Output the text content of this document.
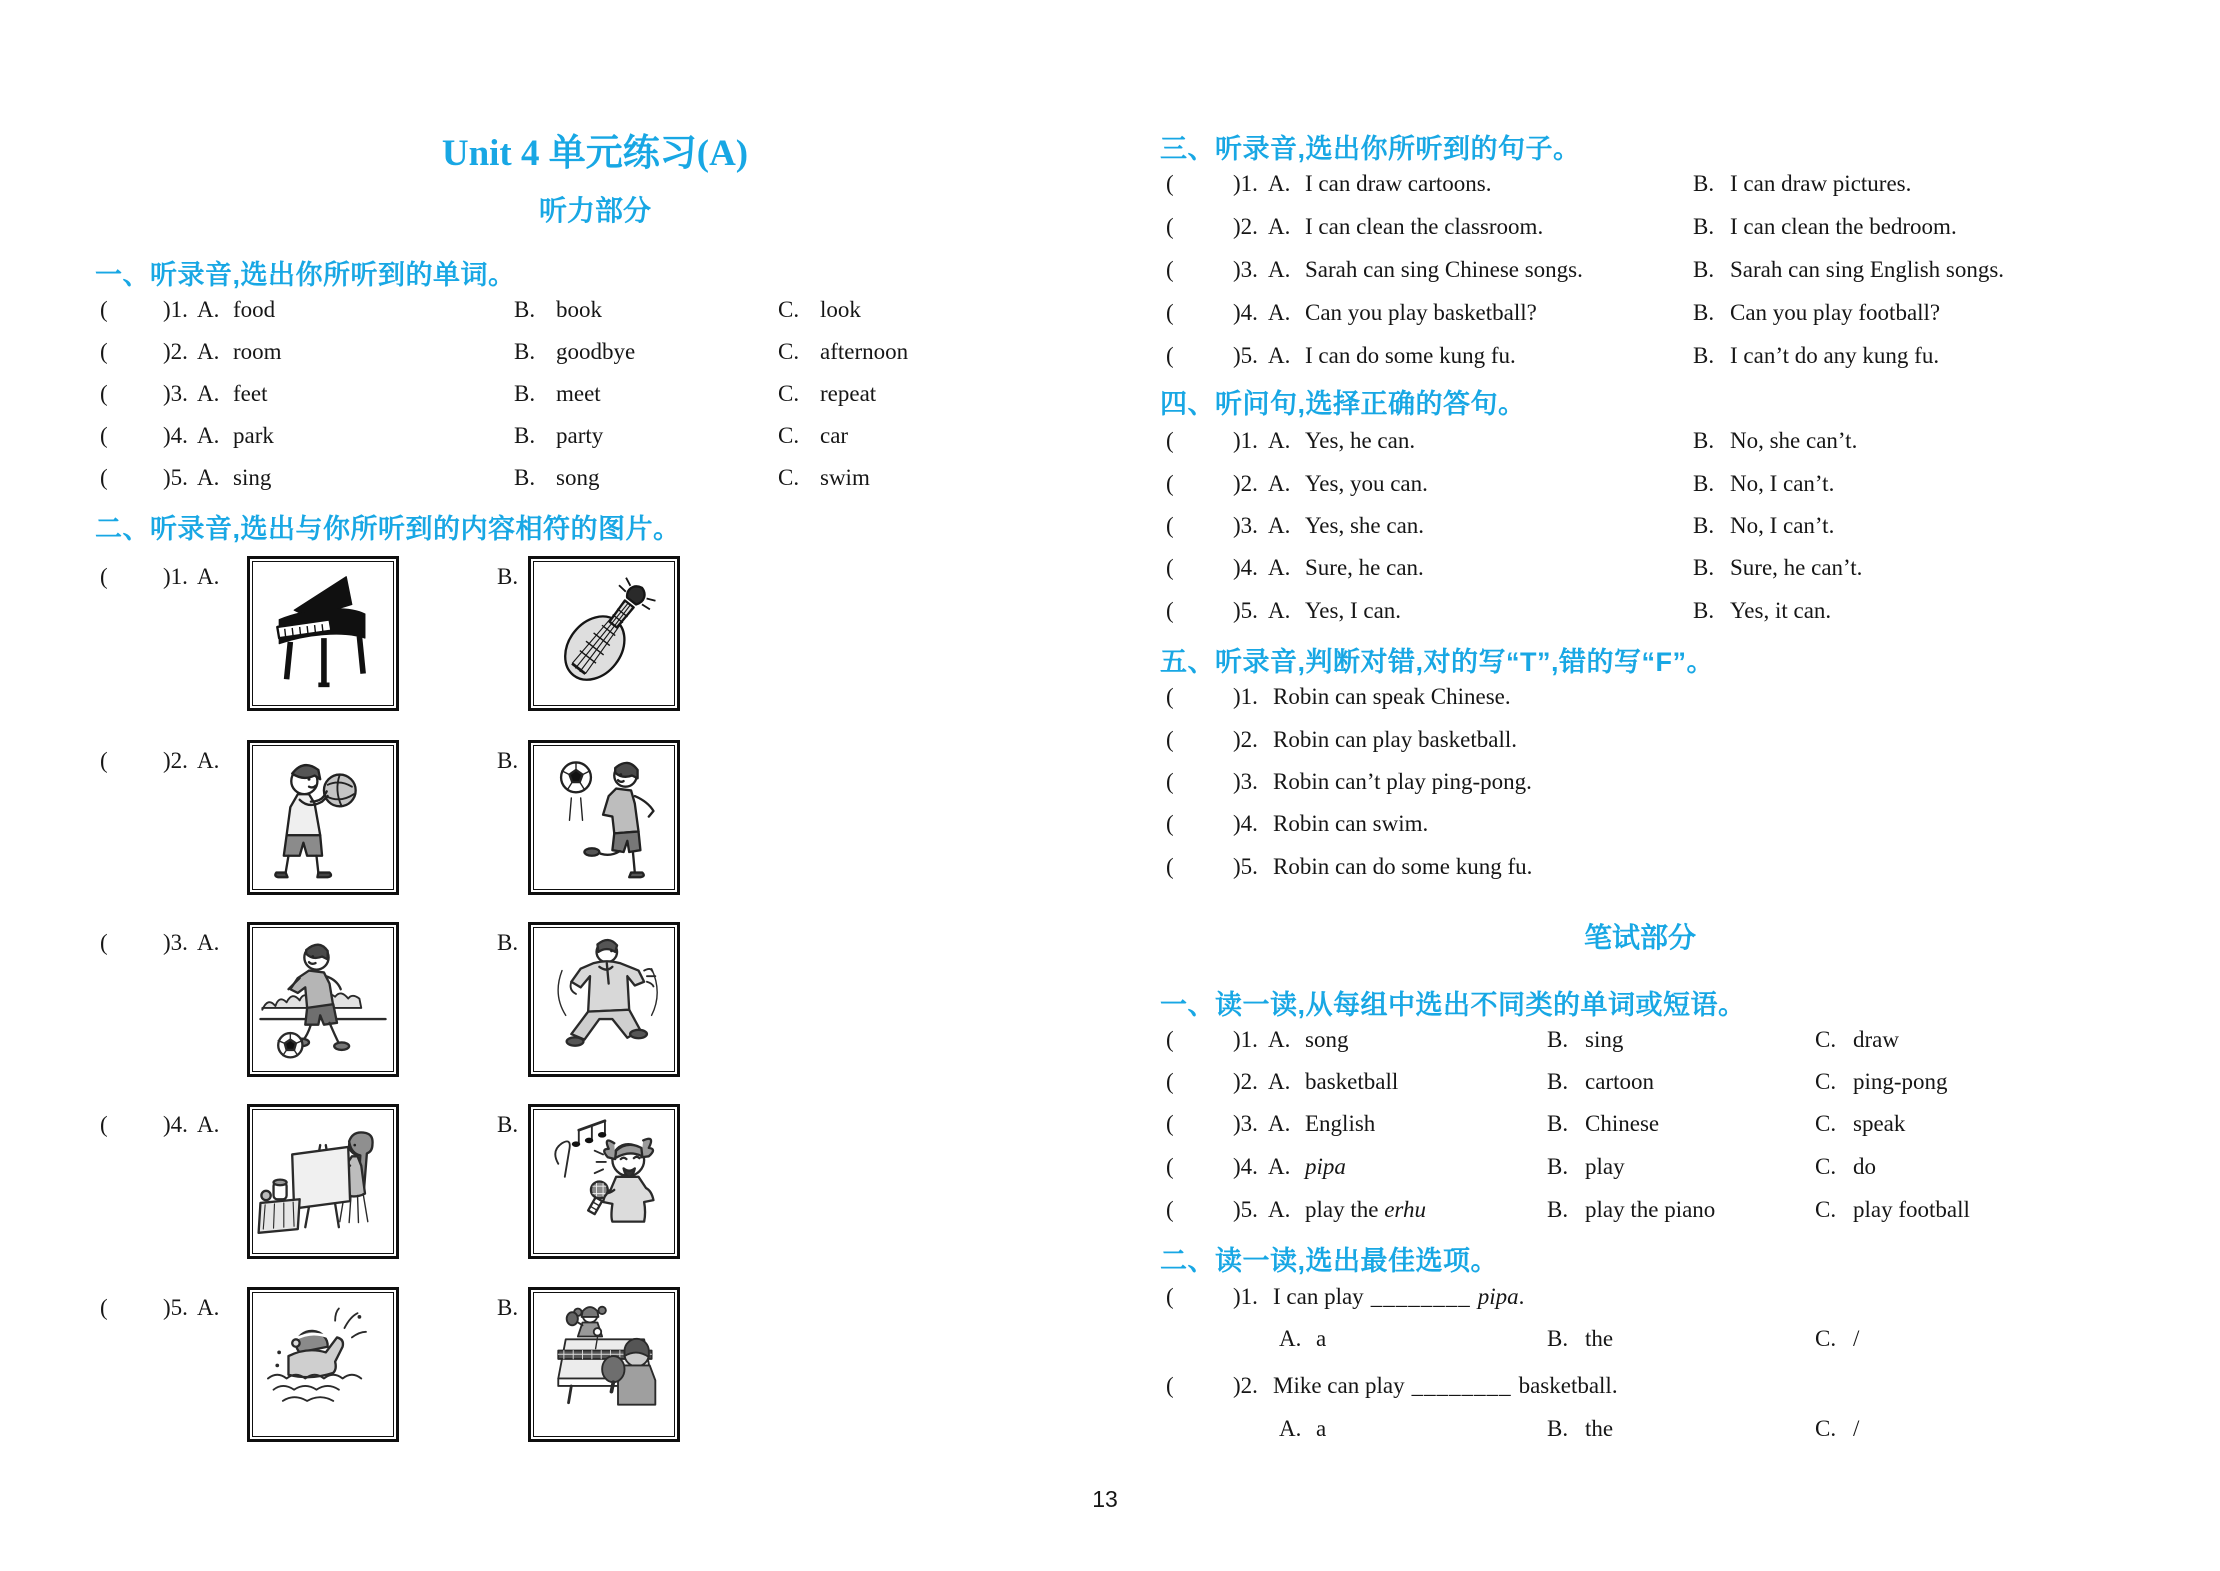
Unit 4 单元练习(A)
听力部分
一、听录音,选出你所听到的单词。
( )1. A. food	B. book	C. look
( )2. A. room	B. goodbye	C. afternoon
( )3. A. feet	B. meet	C. repeat
( )4. A. park	B. party	C. car
( )5. A. sing	B. song	C. swim
二、听录音,选出与你所听到的内容相符的图片。
( )1. A.	B.
( )2. A.	B.
( )3. A.	B.
( )4. A.	B.
( )5. A.	B.
三、听录音,选出你所听到的句子。
(	)1. A. I can draw cartoons.	B. I can draw pictures.
(	)2. A. I can clean the classroom.	B. I can clean the bedroom.
(	)3. A. Sarah can sing Chinese songs.	B. Sarah can sing English songs.
(	)4. A. Can you play basketball?	B. Can you play football?
(	)5. A. I can do some kung fu.	B. I can’t do any kung fu.
四、听问句,选择正确的答句。
(	)1. A. Yes, he can.	B. No, she can’t.
(	)2. A. Yes, you can.	B. No, I can’t.
(	)3. A. Yes, she can.	B. No, I can’t.
(	)4. A. Sure, he can.	B. Sure, he can’t.
(	)5. A. Yes, I can.	B. Yes, it can.
五、听录音,判断对错,对的写“T”,错的写“F”。
(	)1. Robin can speak Chinese.
(	)2. Robin can play basketball.
(	)3. Robin can’t play ping-pong.
(	)4. Robin can swim.
(	)5. Robin can do some kung fu.
笔试部分
一、读一读,从每组中选出不同类的单词或短语。
(	)1. A. song	B. sing	C. draw
(	)2. A. basketball	B. cartoon	C. ping-pong
(	)3. A. English	B. Chinese	C. speak
(	)4. A. pipa	B. play	C. do
(	)5. A. play the erhu	B. play the piano	C. play football
二、读一读,选出最佳选项。
(	)1. I can play ________ pipa.
A. a	B. the	C. /
(	)2. Mike can play ________ basketball.
A. a	B. the	C. /
13
